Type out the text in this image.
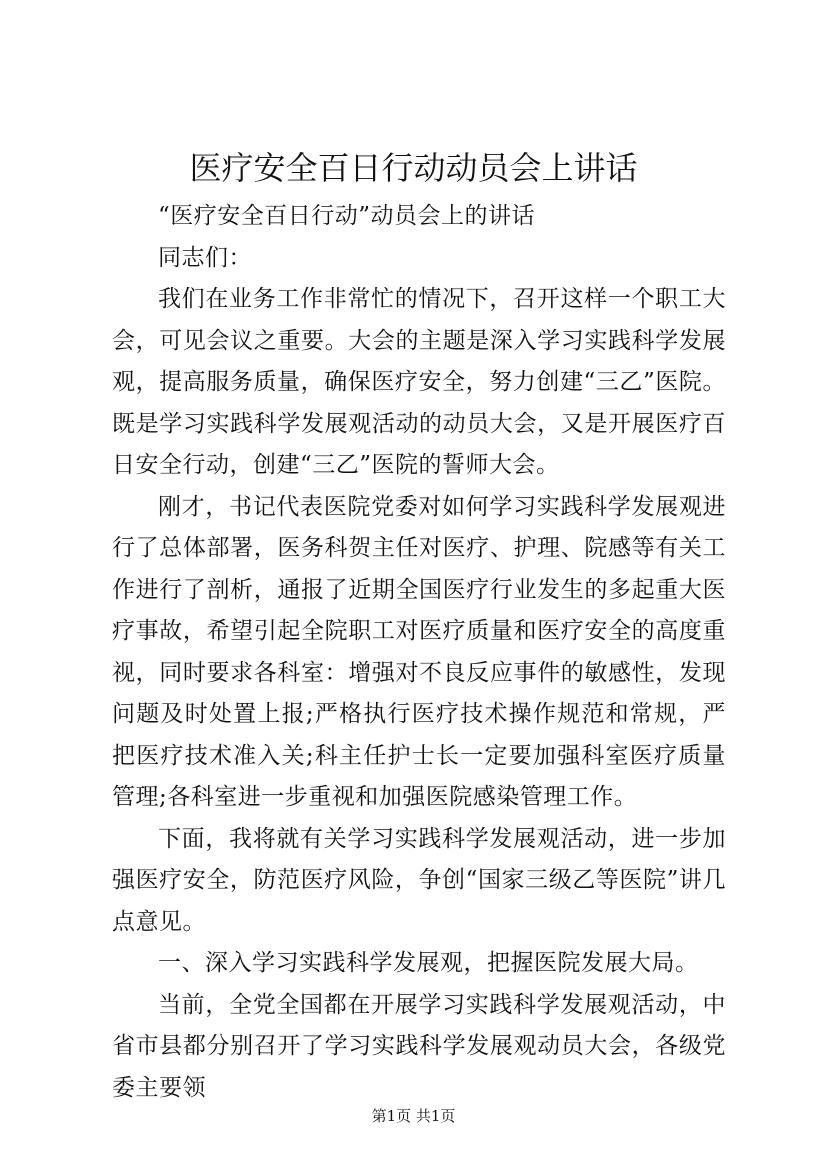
医疗安全百日行动动员会上讲话

“医疗安全百日行动”动员会上的讲话

同志们：

我们在业务工作非常忙的情况下，召开这样一个职工大会，可见会议之重要。大会的主题是深入学习实践科学发展观，提高服务质量，确保医疗安全，努力创建“三乙”医院。既是学习实践科学发展观活动的动员大会，又是开展医疗百日安全行动，创建“三乙”医院的誓师大会。

刚才，书记代表医院党委对如何学习实践科学发展观进行了总体部署，医务科贺主任对医疗、护理、院感等有关工作进行了剖析，通报了近期全国医疗行业发生的多起重大医疗事故，希望引起全院职工对医疗质量和医疗安全的高度重视，同时要求各科室：增强对不良反应事件的敏感性，发现问题及时处置上报;严格执行医疗技术操作规范和常规，严把医疗技术准入关;科主任护士长一定要加强科室医疗质量管理;各科室进一步重视和加强医院感染管理工作。

下面，我将就有关学习实践科学发展观活动，进一步加强医疗安全，防范医疗风险，争创“国家三级乙等医院”讲几点意见。

一、深入学习实践科学发展观，把握医院发展大局。

当前，全党全国都在开展学习实践科学发展观活动，中省市县都分别召开了学习实践科学发展观动员大会，各级党委主要领

第1页 共1页
